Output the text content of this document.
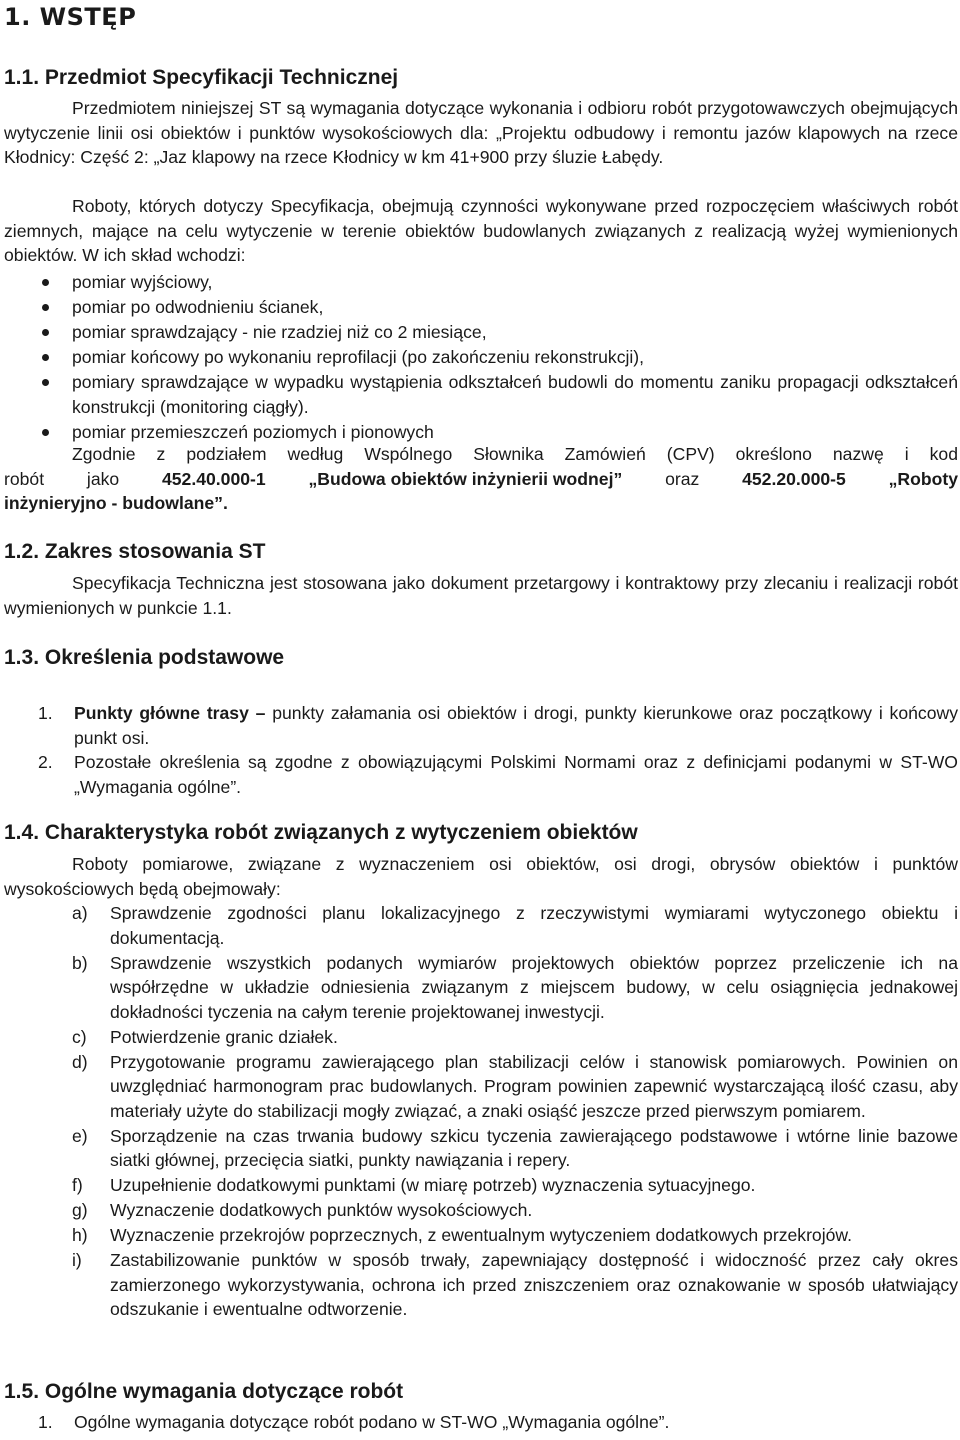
1. WSTĘP
1.1. Przedmiot Specyfikacji Technicznej
Przedmiotem niniejszej ST są wymagania dotyczące wykonania i odbioru robót przygotowawczych obejmujących wytyczenie linii osi obiektów i punktów wysokościowych dla: „Projektu odbudowy i remontu jazów klapowych na rzece Kłodnicy: Część 2: „Jaz klapowy na rzece Kłodnicy w km 41+900 przy śluzie Łabędy.
Roboty, których dotyczy Specyfikacja, obejmują czynności wykonywane przed rozpoczęciem właściwych robót ziemnych, mające na celu wytyczenie w terenie obiektów budowlanych związanych z realizacją wyżej wymienionych obiektów. W ich skład wchodzi:
pomiar wyjściowy,
pomiar po odwodnieniu ścianek,
pomiar sprawdzający - nie rzadziej niż co 2 miesiące,
pomiar końcowy po wykonaniu reprofilacji (po zakończeniu rekonstrukcji),
pomiary sprawdzające w wypadku wystąpienia odkształceń budowli do momentu zaniku propagacji odkształceń konstrukcji (monitoring ciągły).
pomiar przemieszczeń poziomych i pionowych
Zgodnie z podziałem według Wspólnego Słownika Zamówień (CPV) określono nazwę i kod
robót jako 452.40.000-1 „Budowa obiektów inżynierii wodnej” oraz 452.20.000-5 „Roboty
inżynieryjno - budowlane”.
1.2. Zakres stosowania ST
Specyfikacja Techniczna jest stosowana jako dokument przetargowy i kontraktowy przy zlecaniu i realizacji robót wymienionych w punkcie 1.1.
1.3. Określenia podstawowe
1. Punkty główne trasy – punkty załamania osi obiektów i drogi, punkty kierunkowe oraz początkowy i końcowy punkt osi.
2. Pozostałe określenia są zgodne z obowiązującymi Polskimi Normami oraz z definicjami podanymi w ST-WO „Wymagania ogólne”.
1.4. Charakterystyka robót związanych z wytyczeniem obiektów
Roboty pomiarowe, związane z wyznaczeniem osi obiektów, osi drogi, obrysów obiektów i punktów wysokościowych będą obejmowały:
a) Sprawdzenie zgodności planu lokalizacyjnego z rzeczywistymi wymiarami wytyczonego obiektu i dokumentacją.
b) Sprawdzenie wszystkich podanych wymiarów projektowych obiektów poprzez przeliczenie ich na współrzędne w układzie odniesienia związanym z miejscem budowy, w celu osiągnięcia jednakowej dokładności tyczenia na całym terenie projektowanej inwestycji.
c) Potwierdzenie granic działek.
d) Przygotowanie programu zawierającego plan stabilizacji celów i stanowisk pomiarowych. Powinien on uwzględniać harmonogram prac budowlanych. Program powinien zapewnić wystarczającą ilość czasu, aby materiały użyte do stabilizacji mogły związać, a znaki osiąść jeszcze przed pierwszym pomiarem.
e) Sporządzenie na czas trwania budowy szkicu tyczenia zawierającego podstawowe i wtórne linie bazowe siatki głównej, przecięcia siatki, punkty nawiązania i repery.
f) Uzupełnienie dodatkowymi punktami (w miarę potrzeb) wyznaczenia sytuacyjnego.
g) Wyznaczenie dodatkowych punktów wysokościowych.
h) Wyznaczenie przekrojów poprzecznych, z ewentualnym wytyczeniem dodatkowych przekrojów.
i) Zastabilizowanie punktów w sposób trwały, zapewniający dostępność i widoczność przez cały okres zamierzonego wykorzystywania, ochrona ich przed zniszczeniem oraz oznakowanie w sposób ułatwiający odszukanie i ewentualne odtworzenie.
1.5. Ogólne wymagania dotyczące robót
1. Ogólne wymagania dotyczące robót podano w ST-WO „Wymagania ogólne”.
